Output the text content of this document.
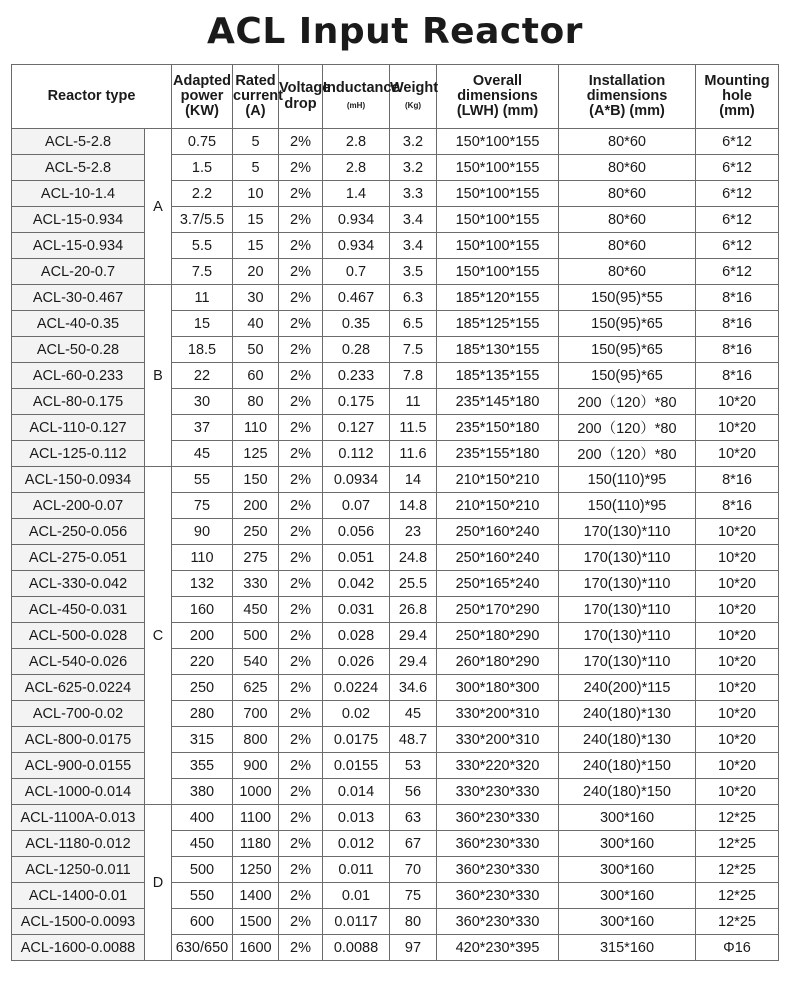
ACL Input Reactor
Reactor type		Adapted
power
(KW)	Rated
current
(A)	Voltage
drop	Inductance
(mH)	Weight
(Kg)	Overall
dimensions
(LWH) (mm)	Installation
dimensions
(A*B) (mm)	Mounting
hole
(mm)
ACL-5-2.8	A	0.75	5	2%	2.8	3.2	150*100*155	80*60	6*12
ACL-5-2.8		1.5	5	2%	2.8	3.2	150*100*155	80*60	6*12
ACL-10-1.4		2.2	10	2%	1.4	3.3	150*100*155	80*60	6*12
ACL-15-0.934		3.7/5.5	15	2%	0.934	3.4	150*100*155	80*60	6*12
ACL-15-0.934		5.5	15	2%	0.934	3.4	150*100*155	80*60	6*12
ACL-20-0.7		7.5	20	2%	0.7	3.5	150*100*155	80*60	6*12
ACL-30-0.467	B	11	30	2%	0.467	6.3	185*120*155	150(95)*55	8*16
ACL-40-0.35		15	40	2%	0.35	6.5	185*125*155	150(95)*65	8*16
ACL-50-0.28		18.5	50	2%	0.28	7.5	185*130*155	150(95)*65	8*16
ACL-60-0.233		22	60	2%	0.233	7.8	185*135*155	150(95)*65	8*16
ACL-80-0.175		30	80	2%	0.175	11	235*145*180	200（120）*80	10*20
ACL-110-0.127		37	110	2%	0.127	11.5	235*150*180	200（120）*80	10*20
ACL-125-0.112		45	125	2%	0.112	11.6	235*155*180	200（120）*80	10*20
ACL-150-0.0934	C	55	150	2%	0.0934	14	210*150*210	150(110)*95	8*16
ACL-200-0.07		75	200	2%	0.07	14.8	210*150*210	150(110)*95	8*16
ACL-250-0.056		90	250	2%	0.056	23	250*160*240	170(130)*110	10*20
ACL-275-0.051		110	275	2%	0.051	24.8	250*160*240	170(130)*110	10*20
ACL-330-0.042		132	330	2%	0.042	25.5	250*165*240	170(130)*110	10*20
ACL-450-0.031		160	450	2%	0.031	26.8	250*170*290	170(130)*110	10*20
ACL-500-0.028		200	500	2%	0.028	29.4	250*180*290	170(130)*110	10*20
ACL-540-0.026		220	540	2%	0.026	29.4	260*180*290	170(130)*110	10*20
ACL-625-0.0224		250	625	2%	0.0224	34.6	300*180*300	240(200)*115	10*20
ACL-700-0.02		280	700	2%	0.02	45	330*200*310	240(180)*130	10*20
ACL-800-0.0175		315	800	2%	0.0175	48.7	330*200*310	240(180)*130	10*20
ACL-900-0.0155		355	900	2%	0.0155	53	330*220*320	240(180)*150	10*20
ACL-1000-0.014		380	1000	2%	0.014	56	330*230*330	240(180)*150	10*20
ACL-1100A-0.013	D	400	1100	2%	0.013	63	360*230*330	300*160	12*25
ACL-1180-0.012		450	1180	2%	0.012	67	360*230*330	300*160	12*25
ACL-1250-0.011		500	1250	2%	0.011	70	360*230*330	300*160	12*25
ACL-1400-0.01		550	1400	2%	0.01	75	360*230*330	300*160	12*25
ACL-1500-0.0093		600	1500	2%	0.0117	80	360*230*330	300*160	12*25
ACL-1600-0.0088		630/650	1600	2%	0.0088	97	420*230*395	315*160	Φ16
